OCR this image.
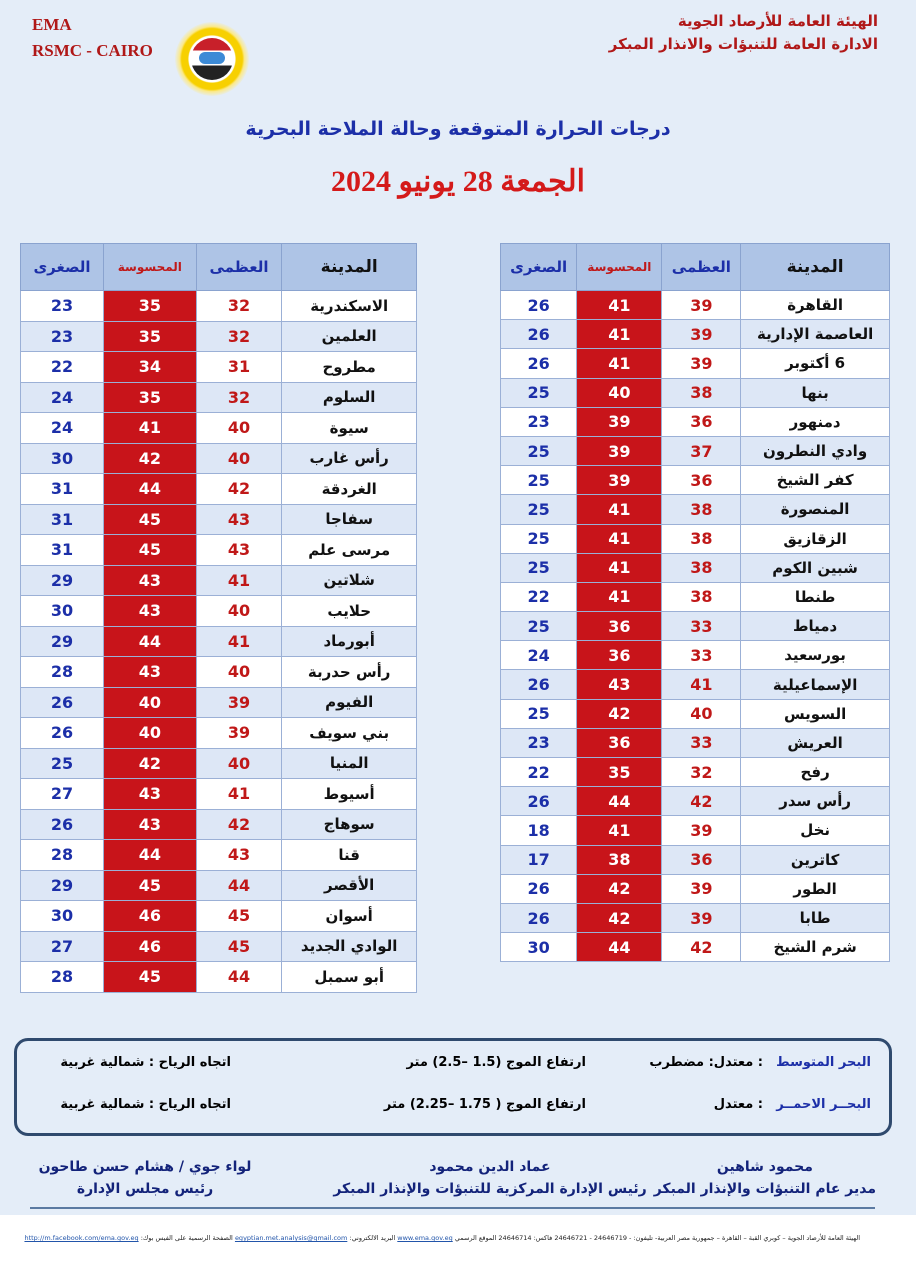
EMA
RSMC - CAIRO
الهيئة العامة للأرصاد الجوية
الادارة العامة للتنبؤات والانذار المبكر
درجات الحرارة المتوقعة وحالة الملاحة البحرية
الجمعة 28 يونيو 2024
المدينة	العظمى	المحسوسة	الصغرى
القاهرة	39	41	26
العاصمة الإدارية	39	41	26
6 أكتوبر	39	41	26
بنها	38	40	25
دمنهور	36	39	23
وادي النطرون	37	39	25
كفر الشيخ	36	39	25
المنصورة	38	41	25
الزقازيق	38	41	25
شبين الكوم	38	41	25
طنطا	38	41	22
دمياط	33	36	25
بورسعيد	33	36	24
الإسماعيلية	41	43	26
السويس	40	42	25
العريش	33	36	23
رفح	32	35	22
رأس سدر	42	44	26
نخل	39	41	18
كاترين	36	38	17
الطور	39	42	26
طابا	39	42	26
شرم الشيخ	42	44	30
المدينة	العظمى	المحسوسة	الصغرى
الاسكندرية	32	35	23
العلمين	32	35	23
مطروح	31	34	22
السلوم	32	35	24
سيوة	40	41	24
رأس غارب	40	42	30
الغردقة	42	44	31
سفاجا	43	45	31
مرسى علم	43	45	31
شلاتين	41	43	29
حلايب	40	43	30
أبورماد	41	44	29
رأس حدربة	40	43	28
الفيوم	39	40	26
بني سويف	39	40	26
المنيا	40	42	25
أسيوط	41	43	27
سوهاج	42	43	26
قنا	43	44	28
الأقصر	44	45	29
أسوان	45	46	30
الوادي الجديد	45	46	27
أبو سمبل	44	45	28
البحر المتوسط
: معتدل: مضطرب
ارتفاع الموج (1.5 –2.5) متر
اتجاه الرياح : شمالية غربية
البحــر الاحمــر
: معتدل
ارتفاع الموج ( 1.75 –2.25) متر
اتجاه الرياح : شمالية غربية
محمود شاهين
مدير عام التنبؤات والإنذار المبكر
عماد الدين محمود
رئيس الإدارة المركزية للتنبؤات والإنذار المبكر
لواء جوي / هشام حسن طاحون
رئيس مجلس الإدارة
الهيئة العامة للأرصاد الجوية – كوبري القبة – القاهرة – جمهورية مصر العربية- تليفون: - 24646719 - 24646721 فاكس: 24646714 الموقع الرسمي www.ema.gov.eg البريد الالكتروني: egyptian.met.analysis@gmail.com الصفحة الرسمية على الفيس بوك: http://m.facebook.com/ema.gov.eg
